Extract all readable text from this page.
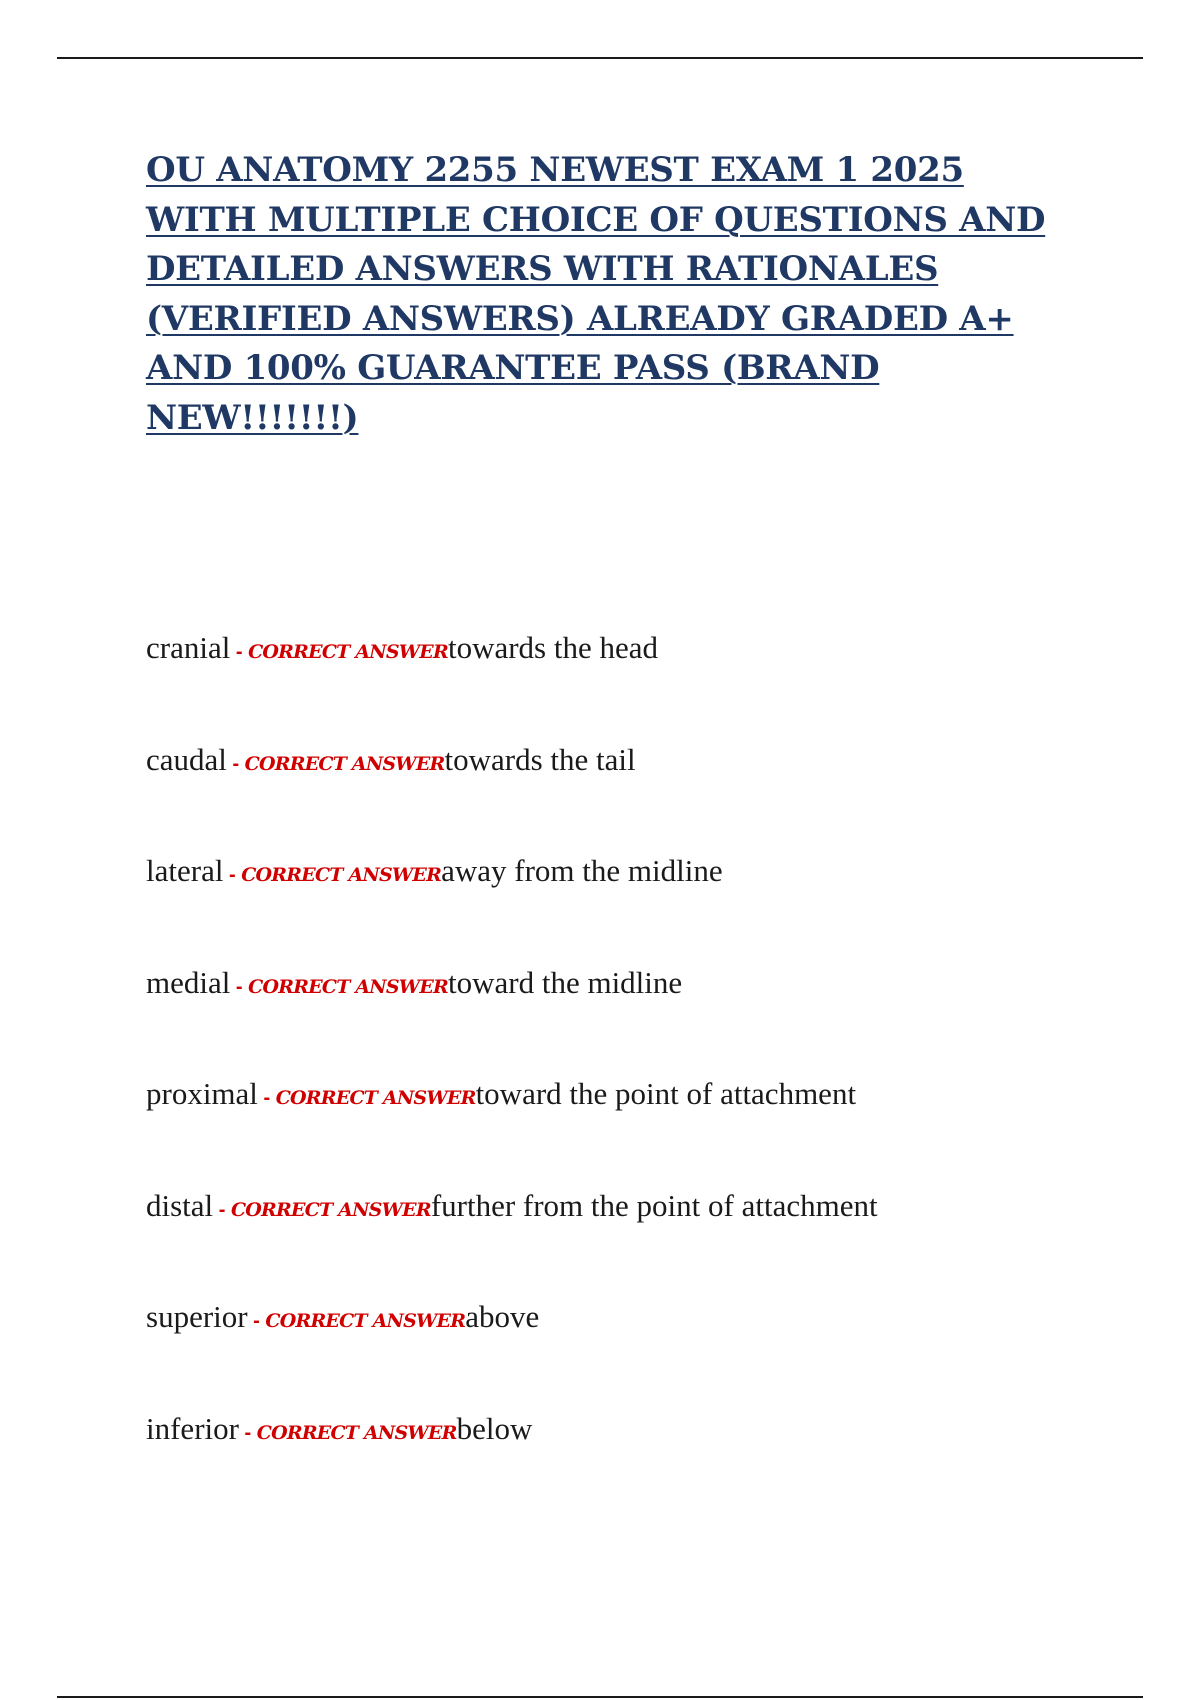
OU ANATOMY 2255 NEWEST EXAM 1 2025 WITH MULTIPLE CHOICE OF QUESTIONS AND DETAILED ANSWERS WITH RATIONALES (VERIFIED ANSWERS) ALREADY GRADED A+ AND 100% GUARANTEE PASS (BRAND NEW!!!!!!!)
cranial - CORRECT ANSWERtowards the head
caudal - CORRECT ANSWERtowards the tail
lateral - CORRECT ANSWERaway from the midline
medial - CORRECT ANSWERtoward the midline
proximal - CORRECT ANSWERtoward the point of attachment
distal - CORRECT ANSWERfurther from the point of attachment
superior - CORRECT ANSWERabove
inferior - CORRECT ANSWERbelow
